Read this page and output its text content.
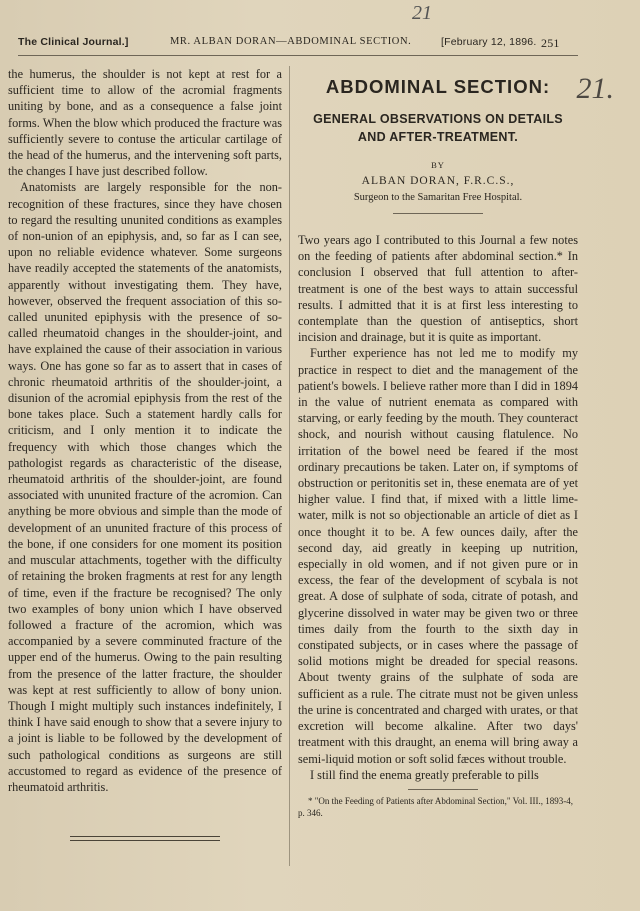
21
The Clinical Journal.]	MR. ALBAN DORAN—ABDOMINAL SECTION.	[February 12, 1896. 251

the humerus, the shoulder is not kept at rest for a sufficient time to allow of the acromial fragments uniting by bone, and as a consequence a false joint forms. When the blow which produced the fracture was sufficiently severe to contuse the articular cartilage of the head of the humerus, and the intervening soft parts, the changes I have just described follow.

Anatomists are largely responsible for the non-recognition of these fractures, since they have chosen to regard the resulting ununited conditions as examples of non-union of an epiphysis, and, so far as I can see, upon no reliable evidence whatever. Some surgeons have readily accepted the statements of the anatomists, apparently without investigating them. They have, however, observed the frequent association of this so-called ununited epiphysis with the presence of so-called rheumatoid changes in the shoulder-joint, and have explained the cause of their association in various ways. One has gone so far as to assert that in cases of chronic rheumatoid arthritis of the shoulder-joint, a disunion of the acromial epiphysis from the rest of the bone takes place. Such a statement hardly calls for criticism, and I only mention it to indicate the frequency with which those changes which the pathologist regards as characteristic of the disease, rheumatoid arthritis of the shoulder-joint, are found associated with ununited fracture of the acromion. Can anything be more obvious and simple than the mode of development of an ununited fracture of this process of the bone, if one considers for one moment its position and muscular attachments, together with the difficulty of retaining the broken fragments at rest for any length of time, even if the fracture be recognised? The only two examples of bony union which I have observed followed a fracture of the acromion, which was accompanied by a severe comminuted fracture of the upper end of the humerus. Owing to the pain resulting from the presence of the latter fracture, the shoulder was kept at rest sufficiently to allow of bony union. Though I might multiply such instances indefinitely, I think I have said enough to show that a severe injury to a joint is liable to be followed by the development of such pathological conditions as surgeons are still accustomed to regard as evidence of the presence of rheumatoid arthritis.

ABDOMINAL SECTION: 21.
GENERAL OBSERVATIONS ON DETAILS AND AFTER-TREATMENT.
BY
ALBAN DORAN, F.R.C.S.,
Surgeon to the Samaritan Free Hospital.

Two years ago I contributed to this Journal a few notes on the feeding of patients after abdominal section.* In conclusion I observed that full attention to after-treatment is one of the best ways to attain successful results. I admitted that it is at first less interesting to contemplate than the question of antiseptics, short incision and drainage, but it is quite as important.

Further experience has not led me to modify my practice in respect to diet and the management of the patient's bowels. I believe rather more than I did in 1894 in the value of nutrient enemata as compared with starving, or early feeding by the mouth. They counteract shock, and nourish without causing flatulence. No irritation of the bowel need be feared if the most ordinary precautions be taken. Later on, if symptoms of obstruction or peritonitis set in, these enemata are of yet higher value. I find that, if mixed with a little lime-water, milk is not so objectionable an article of diet as I once thought it to be. A few ounces daily, after the second day, aid greatly in keeping up nutrition, especially in old women, and if not given pure or in excess, the fear of the development of scybala is not great. A dose of sulphate of soda, citrate of potash, and glycerine dissolved in water may be given two or three times daily from the fourth to the sixth day in constipated subjects, or in cases where the passage of solid motions might be dreaded for special reasons. About twenty grains of the sulphate of soda are sufficient as a rule. The citrate must not be given unless the urine is concentrated and charged with urates, or that excretion will become alkaline. After two days' treatment with this draught, an enema will bring away a semi-liquid motion or soft solid fæces without trouble.

I still find the enema greatly preferable to pills

* "On the Feeding of Patients after Abdominal Section," Vol. III., 1893-4, p. 346.
